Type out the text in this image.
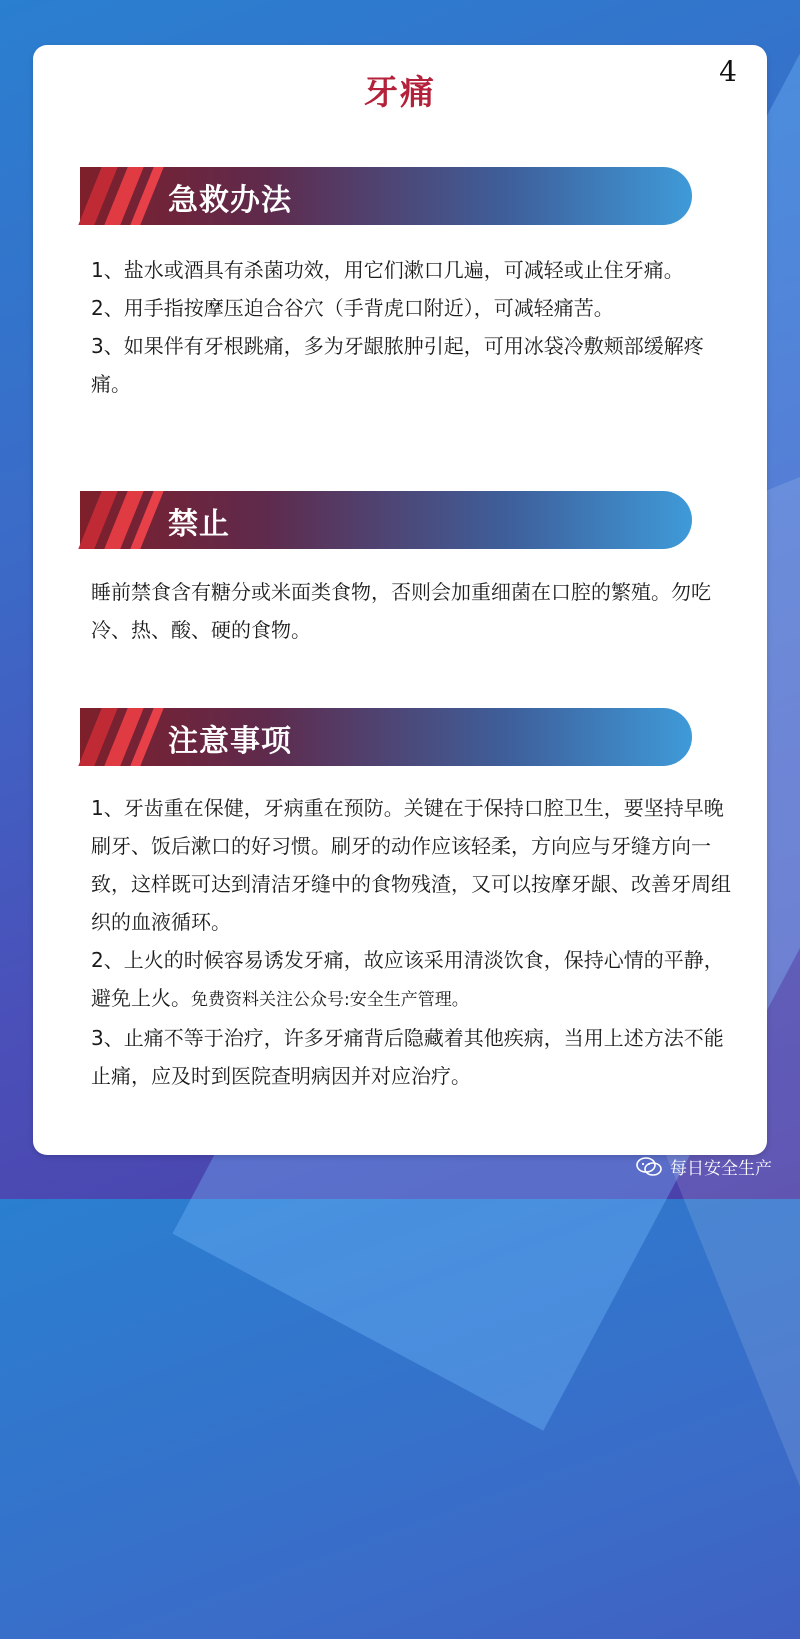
4
牙痛
急救办法

1、盐水或酒具有杀菌功效，用它们漱口几遍，可减轻或止住牙痛。

2、用手指按摩压迫合谷穴（手背虎口附近），可减轻痛苦。

3、如果伴有牙根跳痛，多为牙龈脓肿引起，可用冰袋冷敷颊部缓解疼痛。

禁止

睡前禁食含有糖分或米面类食物，否则会加重细菌在口腔的繁殖。勿吃冷、热、酸、硬的食物。

注意事项

1、牙齿重在保健，牙病重在预防。关键在于保持口腔卫生，要坚持早晚刷牙、饭后漱口的好习惯。刷牙的动作应该轻柔，方向应与牙缝方向一致，这样既可达到清洁牙缝中的食物残渣，又可以按摩牙龈、改善牙周组织的血液循环。

2、上火的时候容易诱发牙痛，故应该采用清淡饮食，保持心情的平静，避免上火。免费资料关注公众号:安全生产管理。

3、止痛不等于治疗，许多牙痛背后隐藏着其他疾病，当用上述方法不能止痛，应及时到医院查明病因并对应治疗。

每日安全生产
